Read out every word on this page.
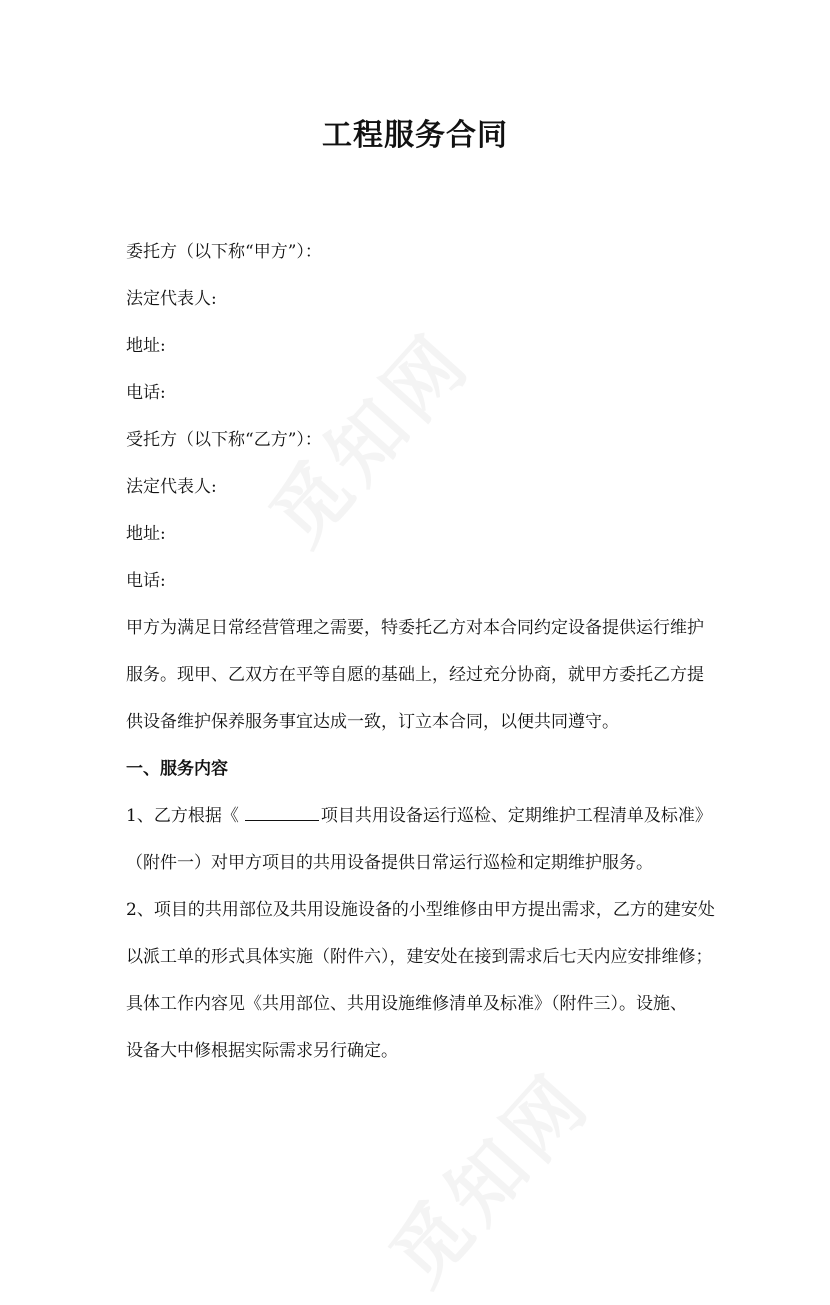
工程服务合同
委托方（以下称“甲方”）：
法定代表人:
地址:
电话:
受托方（以下称“乙方”）：
法定代表人:
地址:
电话:
甲方为满足日常经营管理之需要，特委托乙方对本合同约定设备提供运行维护
服务。现甲、乙双方在平等自愿的基础上，经过充分协商，就甲方委托乙方提
供设备维护保养服务事宜达成一致，订立本合同，以便共同遵守。
一、服务内容
1、乙方根据《	项目共用设备运行巡检、定期维护工程清单及标准》
（附件一）对甲方项目的共用设备提供日常运行巡检和定期维护服务。
2、项目的共用部位及共用设施设备的小型维修由甲方提出需求，乙方的建安处
以派工单的形式具体实施（附件六），建安处在接到需求后七天内应安排维修；
具体工作内容见《共用部位、共用设施维修清单及标准》（附件三）。设施、
设备大中修根据实际需求另行确定。
